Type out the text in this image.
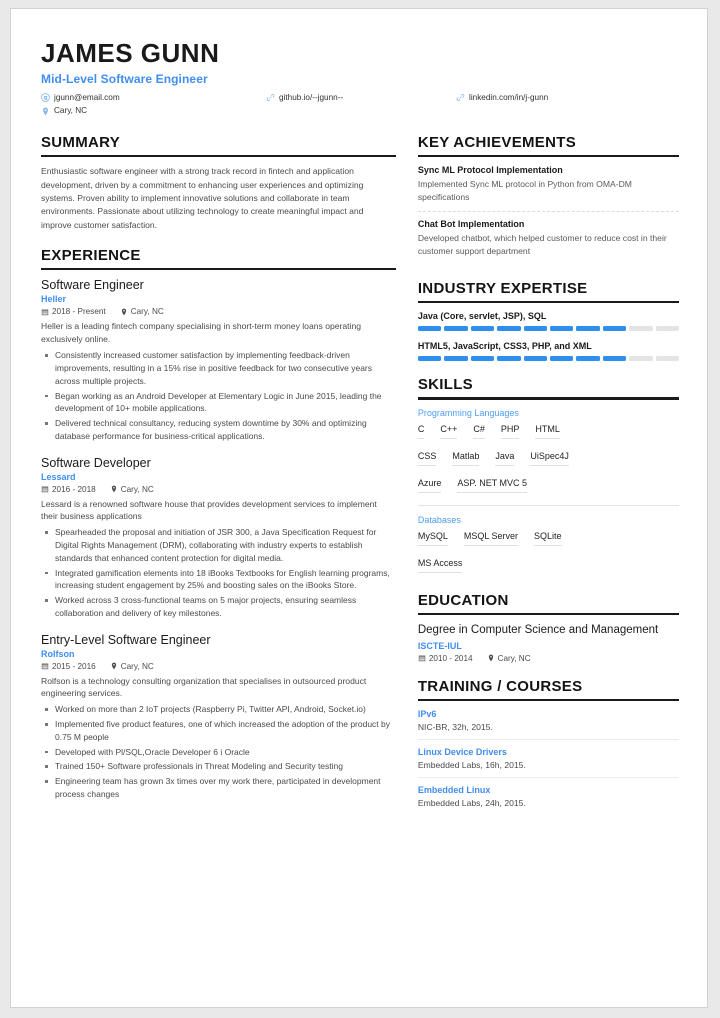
JAMES GUNN
Mid-Level Software Engineer
jgunn@email.com
Cary, NC
github.io/--jgunn--	linkedin.com/in/j-gunn
SUMMARY

Enthusiastic software engineer with a strong track record in fintech and application development, driven by a commitment to enhancing user experiences and optimizing systems. Proven ability to implement innovative solutions and collaborate in team environments. Passionate about utilizing technology to create meaningful impact and improve customer satisfaction.

EXPERIENCE
Software Engineer
Heller
2018 - Present	Cary, NC

Heller is a leading fintech company specialising in short-term money loans operating exclusively online.

Consistently increased customer satisfaction by implementing feedback-driven improvements, resulting in a 15% rise in positive feedback for two consecutive years across multiple projects.
Began working as an Android Developer at Elementary Logic in June 2015, leading the development of 10+ mobile applications.
Delivered technical consultancy, reducing system downtime by 30% and optimizing database performance for business-critical applications.
Software Developer
Lessard
2016 - 2018	Cary, NC

Lessard is a renowned software house that provides development services to implement their business applications

Spearheaded the proposal and initiation of JSR 300, a Java Specification Request for Digital Rights Management (DRM), collaborating with industry experts to establish standards that enhanced content protection for digital media.
Integrated gamification elements into 18 iBooks Textbooks for English learning programs, increasing student engagement by 25% and boosting sales on the iBooks Store.
Worked across 3 cross-functional teams on 5 major projects, ensuring seamless collaboration and delivery of key milestones.
Entry-Level Software Engineer
Rolfson
2015 - 2016	Cary, NC

Rolfson is a technology consulting organization that specialises in outsourced product engineering services.

Worked on more than 2 IoT projects (Raspberry Pi, Twitter API, Android, Socket.io)
Implemented five product features, one of which increased the adoption of the product by 0.75 M people
Developed with Pl/SQL,Oracle Developer 6 i Oracle
Trained 150+ Software professionals in Threat Modeling and Security testing
Engineering team has grown 3x times over my work there, participated in development process changes
KEY ACHIEVEMENTS
Sync ML Protocol Implementation

Implemented Sync ML protocol in Python from OMA-DM specifications

Chat Bot Implementation

Developed chatbot, which helped customer to reduce cost in their customer support department

INDUSTRY EXPERTISE
Java (Core, servlet, JSP), SQL
HTML5, JavaScript, CSS3, PHP, and XML
SKILLS
Programming Languages
C C++ C# PHP HTML
CSS Matlab Java UiSpec4J
Azure ASP. NET MVC 5
Databases
MySQL MSQL Server SQLite
MS Access
EDUCATION
Degree in Computer Science and Management
ISCTE-IUL
2010 - 2014	Cary, NC
TRAINING / COURSES
IPv6

NIC-BR, 32h, 2015.

Linux Device Drivers

Embedded Labs, 16h, 2015.

Embedded Linux

Embedded Labs, 24h, 2015.
